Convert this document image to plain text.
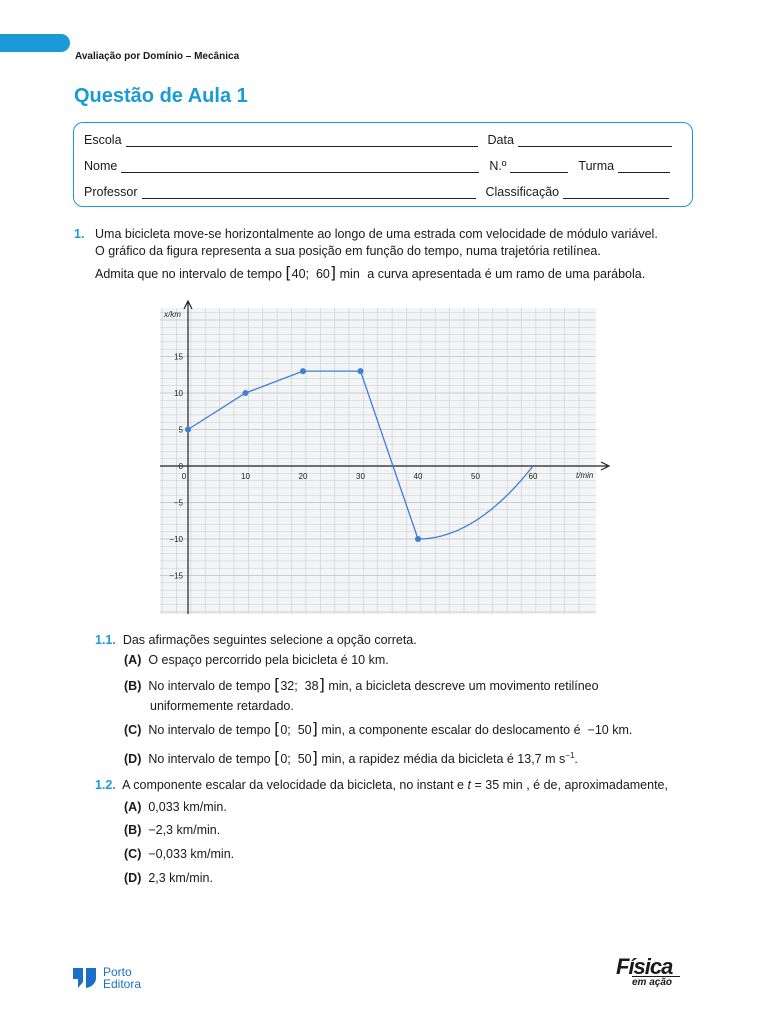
Avaliação por Domínio – Mecânica
Questão de Aula 1
Escola	Data
Nome	N.º	Turma
Professor	Classificação
1. Uma bicicleta move-se horizontalmente ao longo de uma estrada com velocidade de módulo variável.
O gráfico da figura representa a sua posição em função do tempo, numa trajetória retilínea.
Admita que no intervalo de tempo [40;  60] min a curva apresentada é um ramo de uma parábola.
0	10	20	30	40	50	60
15
10
5
0
−5
−10
−15
x/km
t/min
1.1. Das afirmações seguintes selecione a opção correta.
(A) O espaço percorrido pela bicicleta é 10 km.
(B) No intervalo de tempo [32;  38] min, a bicicleta descreve um movimento retilíneo
uniformemente retardado.
(C) No intervalo de tempo [0;  50] min, a componente escalar do deslocamento é −10 km.
(D) No intervalo de tempo [0;  50] min, a rapidez média da bicicleta é 13,7 m $s^{-1}$.
1.2. A componente escalar da velocidade da bicicleta, no instant e t = 35 min , é de, aproximadamente,
(A) 0,033 km/min.
(B) −2,3 km/min.
(C) −0,033 km/min.
(D) 2,3 km/min.
Porto
Editora
Física
em ação
